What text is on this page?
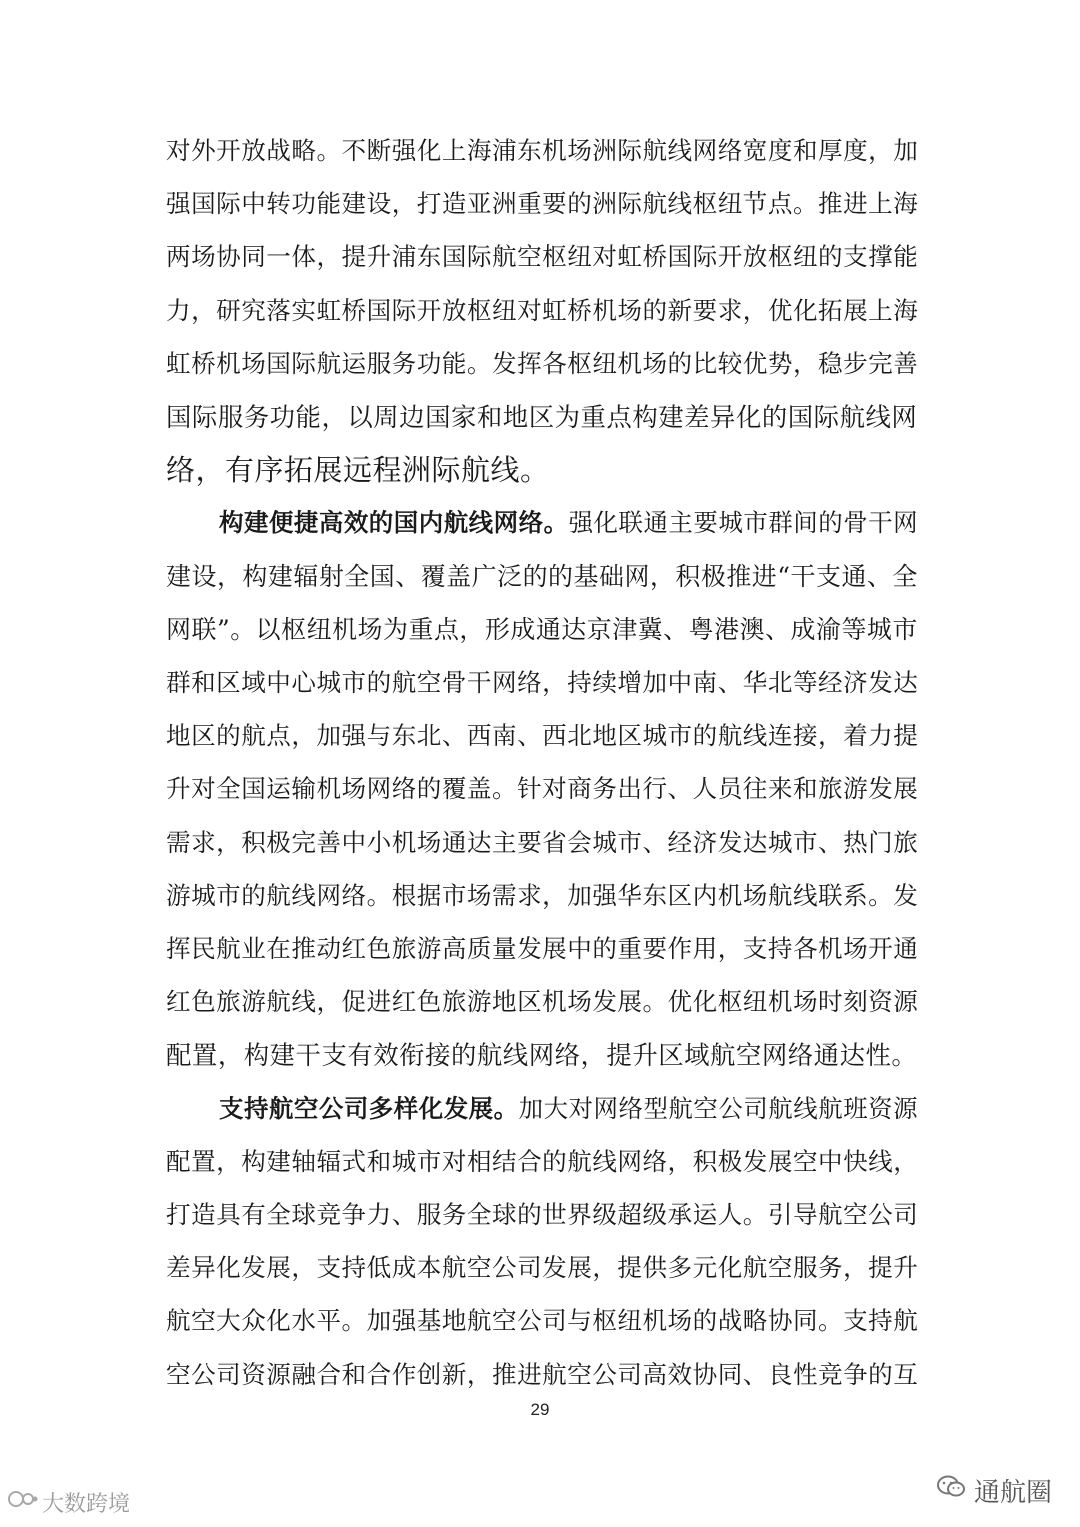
对外开放战略。不断强化上海浦东机场洲际航线网络宽度和厚度，加
强国际中转功能建设，打造亚洲重要的洲际航线枢纽节点。推进上海
两场协同一体，提升浦东国际航空枢纽对虹桥国际开放枢纽的支撑能
力，研究落实虹桥国际开放枢纽对虹桥机场的新要求，优化拓展上海
虹桥机场国际航运服务功能。发挥各枢纽机场的比较优势，稳步完善
国际服务功能，以周边国家和地区为重点构建差异化的国际航线网
络，有序拓展远程洲际航线。
构建便捷高效的国内航线网络。强化联通主要城市群间的骨干网
建设，构建辐射全国、覆盖广泛的的基础网，积极推进“干支通、全
网联”。以枢纽机场为重点，形成通达京津冀、粤港澳、成渝等城市
群和区域中心城市的航空骨干网络，持续增加中南、华北等经济发达
地区的航点，加强与东北、西南、西北地区城市的航线连接，着力提
升对全国运输机场网络的覆盖。针对商务出行、人员往来和旅游发展
需求，积极完善中小机场通达主要省会城市、经济发达城市、热门旅
游城市的航线网络。根据市场需求，加强华东区内机场航线联系。发
挥民航业在推动红色旅游高质量发展中的重要作用，支持各机场开通
红色旅游航线，促进红色旅游地区机场发展。优化枢纽机场时刻资源
配置，构建干支有效衔接的航线网络，提升区域航空网络通达性。
支持航空公司多样化发展。加大对网络型航空公司航线航班资源
配置，构建轴辐式和城市对相结合的航线网络，积极发展空中快线，
打造具有全球竞争力、服务全球的世界级超级承运人。引导航空公司
差异化发展，支持低成本航空公司发展，提供多元化航空服务，提升
航空大众化水平。加强基地航空公司与枢纽机场的战略协同。支持航
空公司资源融合和合作创新，推进航空公司高效协同、良性竞争的互
29
大数跨境	通航圈
